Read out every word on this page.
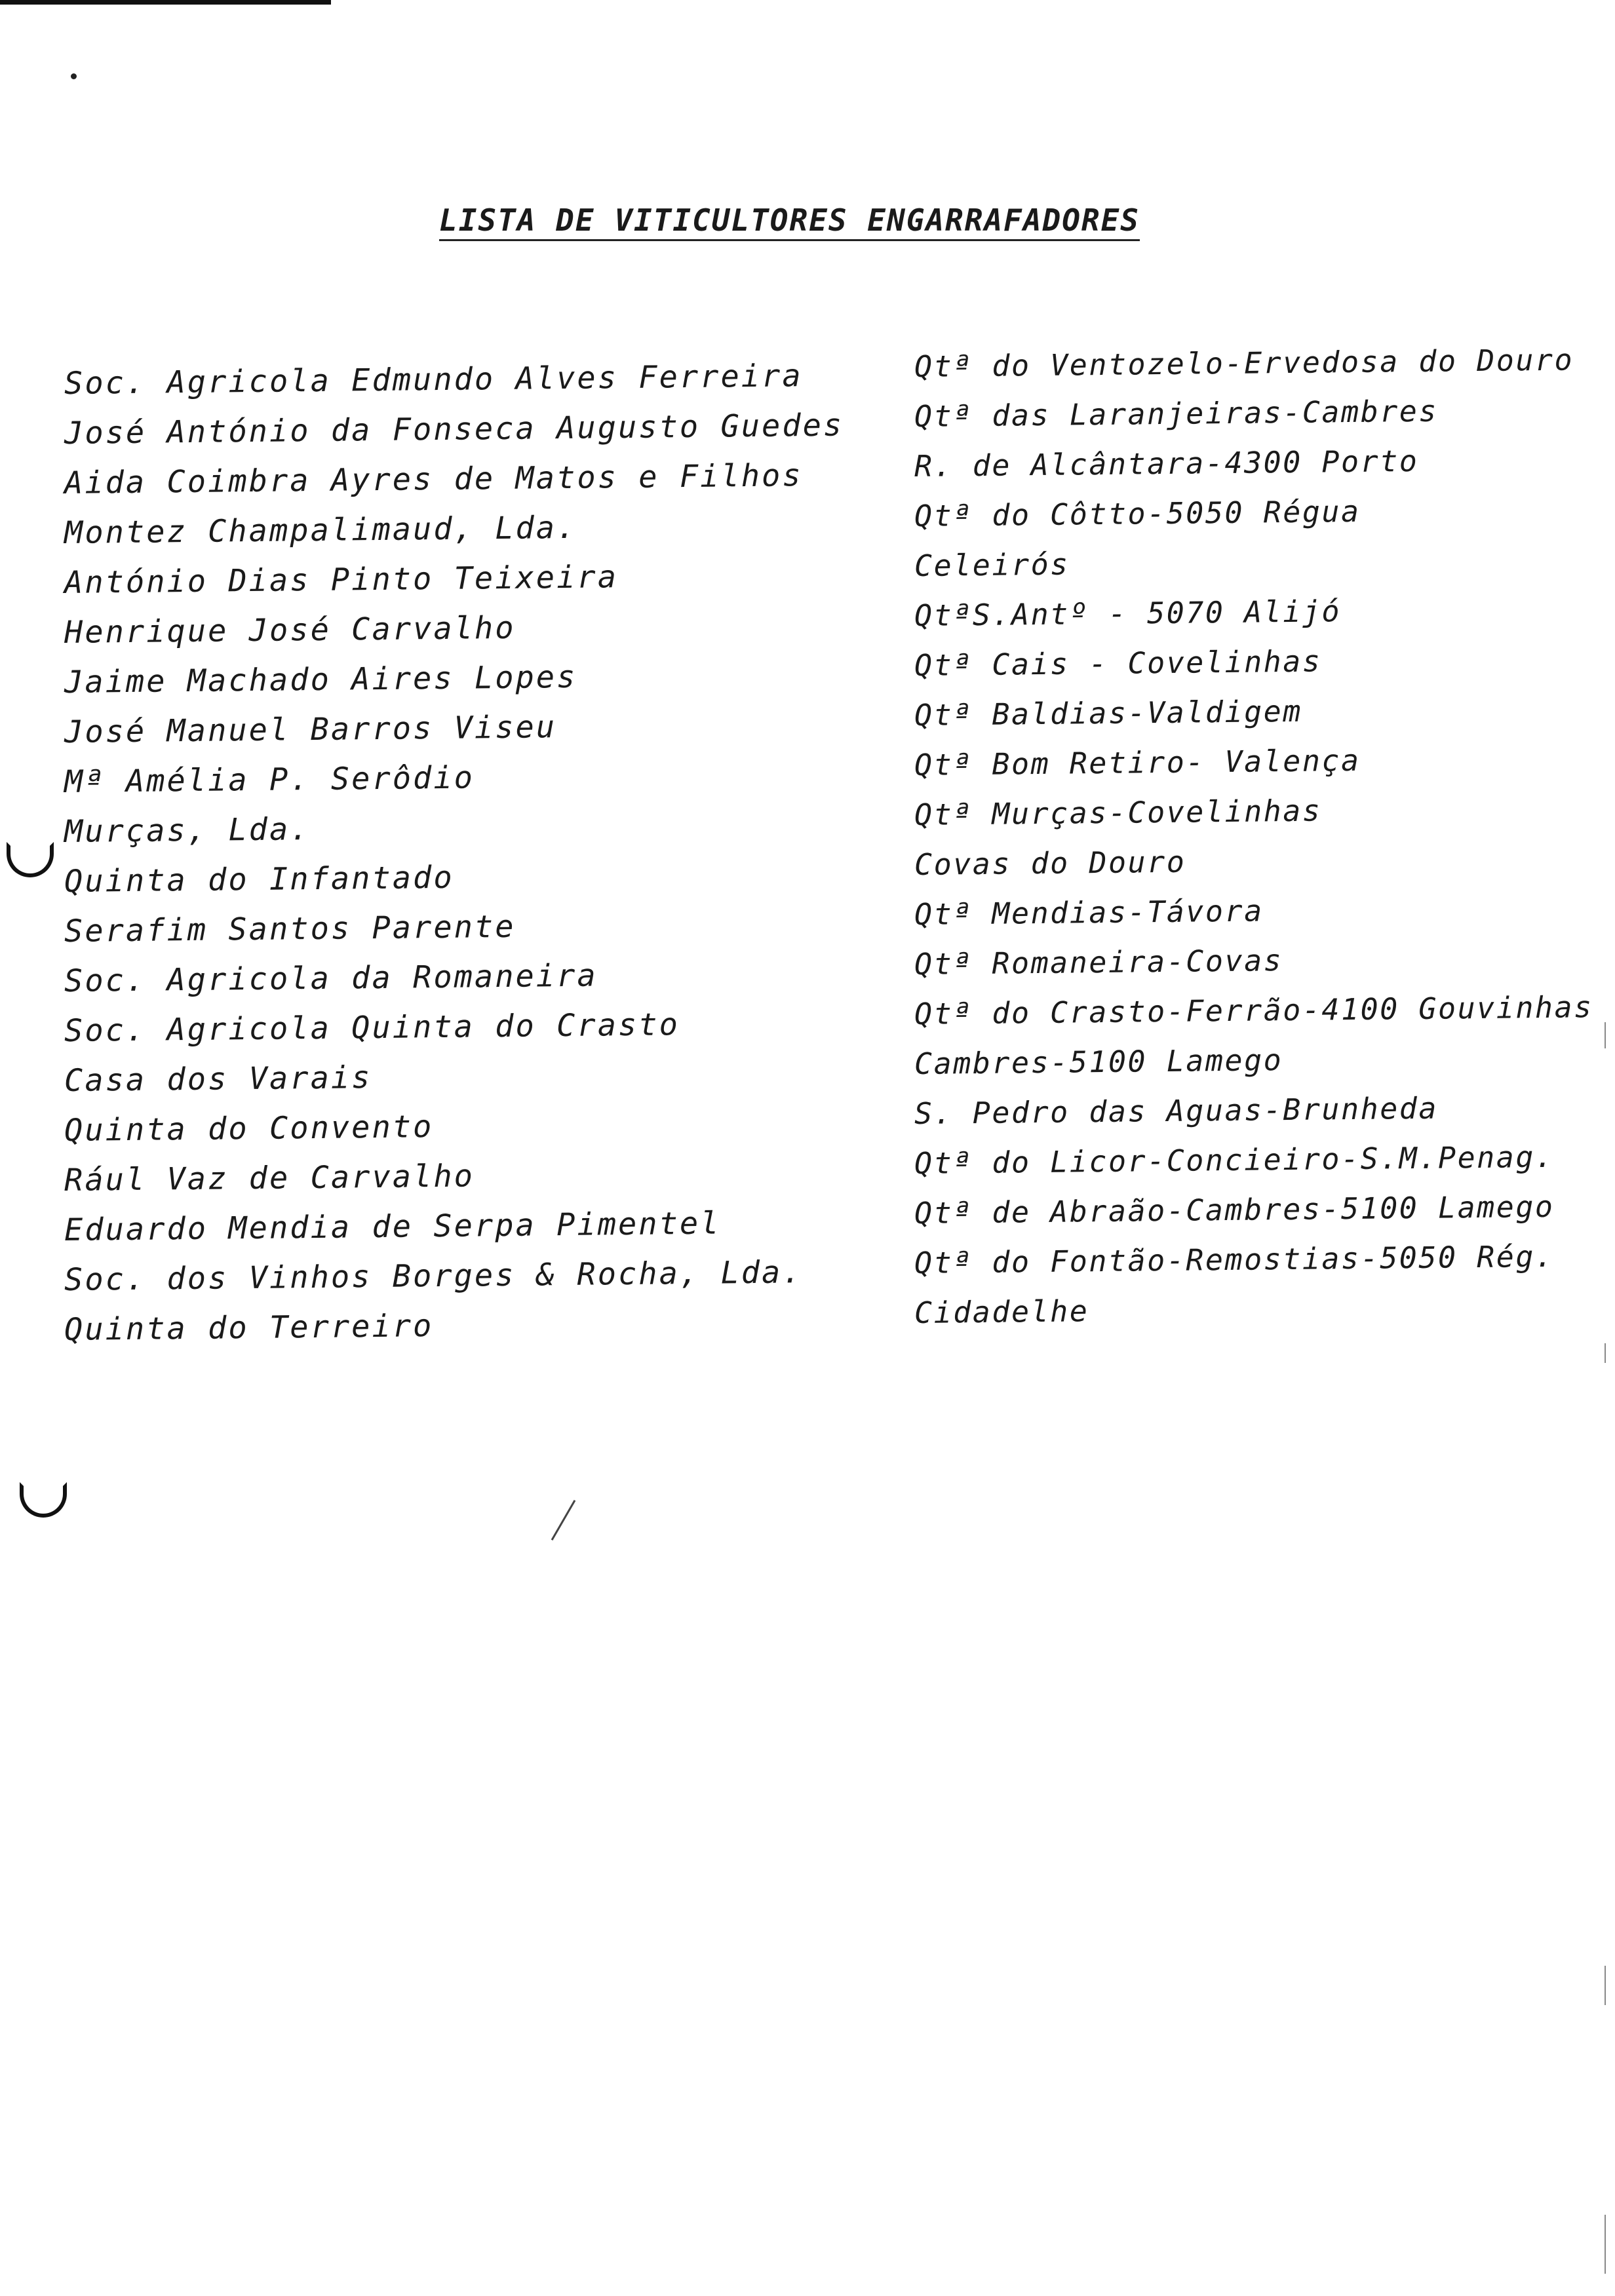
LISTA DE VITICULTORES ENGARRAFADORES
Soc. Agricola Edmundo Alves Ferreira
José António da Fonseca Augusto Guedes
Aida Coimbra Ayres de Matos e Filhos
Montez Champalimaud, Lda.
António Dias Pinto Teixeira
Henrique José Carvalho
Jaime Machado Aires Lopes
José Manuel Barros Viseu
Mª Amélia P. Serôdio
Murças, Lda.
Quinta do Infantado
Serafim Santos Parente
Soc. Agricola da Romaneira
Soc. Agricola Quinta do Crasto
Casa dos Varais
Quinta do Convento
Rául Vaz de Carvalho
Eduardo Mendia de Serpa Pimentel
Soc. dos Vinhos Borges & Rocha, Lda.
Quinta do Terreiro
Qtª do Ventozelo-Ervedosa do Douro
Qtª das Laranjeiras-Cambres
R. de Alcântara-4300 Porto
Qtª do Côtto-5050 Régua
Celeirós
QtªS.Antº - 5070 Alijó
Qtª Cais - Covelinhas
Qtª Baldias-Valdigem
Qtª Bom Retiro- Valença
Qtª Murças-Covelinhas
Covas do Douro
Qtª Mendias-Távora
Qtª Romaneira-Covas
Qtª do Crasto-Ferrão-4100 Gouvinhas
Cambres-5100 Lamego
S. Pedro das Aguas-Brunheda
Qtª do Licor-Concieiro-S.M.Penag.
Qtª de Abraão-Cambres-5100 Lamego
Qtª do Fontão-Remostias-5050 Rég.
Cidadelhe
